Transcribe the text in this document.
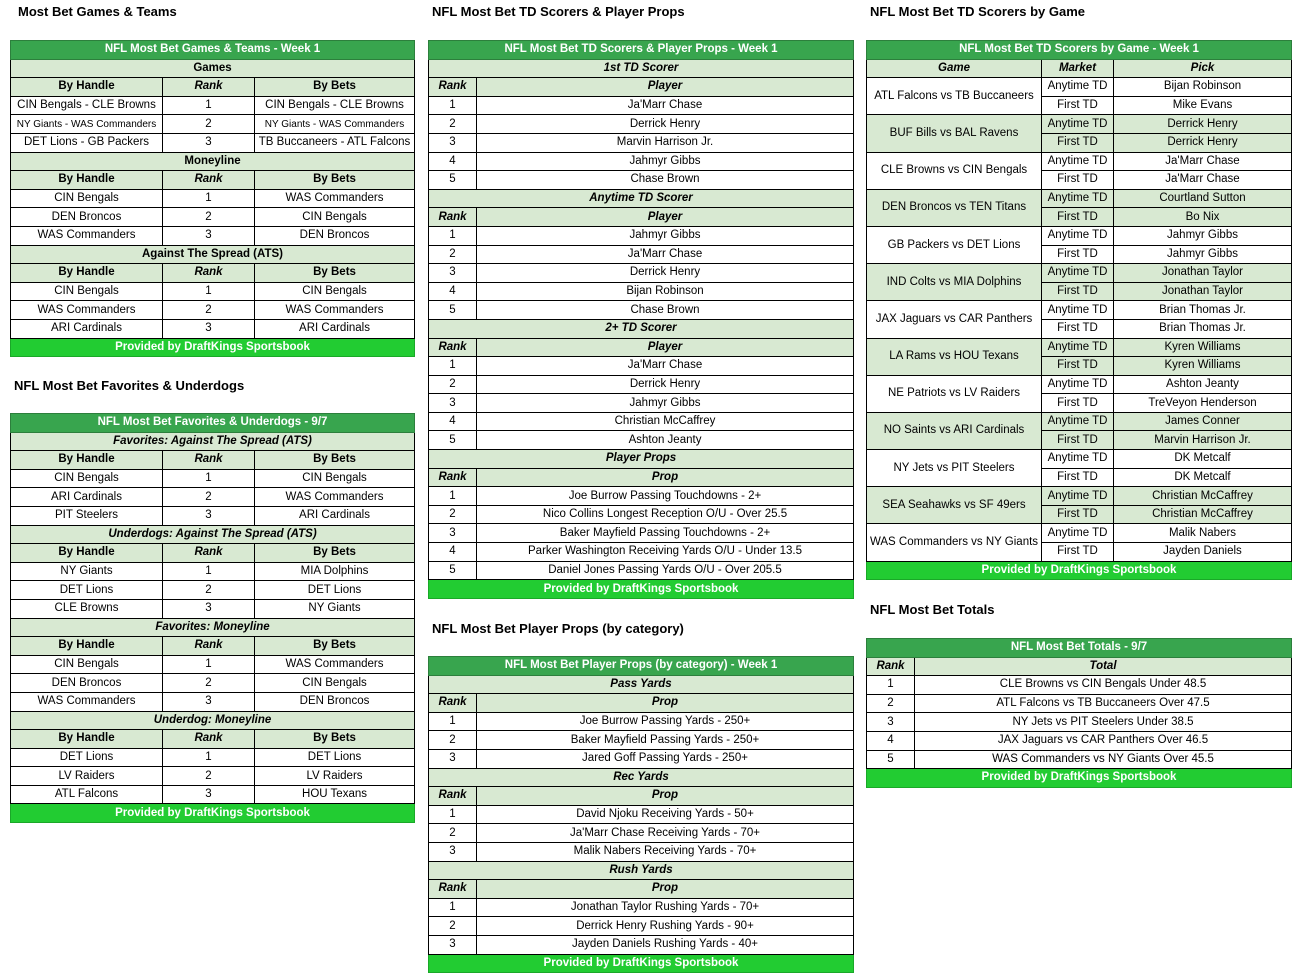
Most Bet Games & Teams
NFL Most Bet Favorites & Underdogs
NFL Most Bet TD Scorers & Player Props
NFL Most Bet Player Props (by category)
NFL Most Bet TD Scorers by Game
NFL Most Bet Totals
NFL Most Bet Games & Teams - Week 1		
Games		
By Handle	Rank	By Bets
CIN Bengals - CLE Browns	1	CIN Bengals - CLE Browns
NY Giants - WAS Commanders	2	NY Giants - WAS Commanders
DET Lions - GB Packers	3	TB Buccaneers - ATL Falcons
Moneyline		
By Handle	Rank	By Bets
CIN Bengals	1	WAS Commanders
DEN Broncos	2	CIN Bengals
WAS Commanders	3	DEN Broncos
Against The Spread (ATS)		
By Handle	Rank	By Bets
CIN Bengals	1	CIN Bengals
WAS Commanders	2	WAS Commanders
ARI Cardinals	3	ARI Cardinals
Provided by DraftKings Sportsbook		
NFL Most Bet Favorites & Underdogs - 9/7		
Favorites: Against The Spread (ATS)		
By Handle	Rank	By Bets
CIN Bengals	1	CIN Bengals
ARI Cardinals	2	WAS Commanders
PIT Steelers	3	ARI Cardinals
Underdogs: Against The Spread (ATS)		
By Handle	Rank	By Bets
NY Giants	1	MIA Dolphins
DET Lions	2	DET Lions
CLE Browns	3	NY Giants
Favorites: Moneyline		
By Handle	Rank	By Bets
CIN Bengals	1	WAS Commanders
DEN Broncos	2	CIN Bengals
WAS Commanders	3	DEN Broncos
Underdog: Moneyline		
By Handle	Rank	By Bets
DET Lions	1	DET Lions
LV Raiders	2	LV Raiders
ATL Falcons	3	HOU Texans
Provided by DraftKings Sportsbook		
NFL Most Bet TD Scorers & Player Props - Week 1	
1st TD Scorer	
Rank	Player
1	Ja'Marr Chase
2	Derrick Henry
3	Marvin Harrison Jr.
4	Jahmyr Gibbs
5	Chase Brown
Anytime TD Scorer	
Rank	Player
1	Jahmyr Gibbs
2	Ja'Marr Chase
3	Derrick Henry
4	Bijan Robinson
5	Chase Brown
2+ TD Scorer	
Rank	Player
1	Ja'Marr Chase
2	Derrick Henry
3	Jahmyr Gibbs
4	Christian McCaffrey
5	Ashton Jeanty
Player Props	
Rank	Prop
1	Joe Burrow Passing Touchdowns - 2+
2	Nico Collins Longest Reception O/U - Over 25.5
3	Baker Mayfield Passing Touchdowns - 2+
4	Parker Washington Receiving Yards O/U - Under 13.5
5	Daniel Jones Passing Yards O/U - Over 205.5
Provided by DraftKings Sportsbook	
NFL Most Bet Player Props (by category) - Week 1	
Pass Yards	
Rank	Prop
1	Joe Burrow Passing Yards - 250+
2	Baker Mayfield Passing Yards - 250+
3	Jared Goff Passing Yards - 250+
Rec Yards	
Rank	Prop
1	David Njoku Receiving Yards - 50+
2	Ja'Marr Chase Receiving Yards - 70+
3	Malik Nabers Receiving Yards - 70+
Rush Yards	
Rank	Prop
1	Jonathan Taylor Rushing Yards - 70+
2	Derrick Henry Rushing Yards - 90+
3	Jayden Daniels Rushing Yards - 40+
Provided by DraftKings Sportsbook	
NFL Most Bet TD Scorers by Game - Week 1		
Game	Market	Pick
ATL Falcons vs TB Buccaneers	Anytime TD	Bijan Robinson
	First TD	Mike Evans
BUF Bills vs BAL Ravens	Anytime TD	Derrick Henry
	First TD	Derrick Henry
CLE Browns vs CIN Bengals	Anytime TD	Ja'Marr Chase
	First TD	Ja'Marr Chase
DEN Broncos vs TEN Titans	Anytime TD	Courtland Sutton
	First TD	Bo Nix
GB Packers vs DET Lions	Anytime TD	Jahmyr Gibbs
	First TD	Jahmyr Gibbs
IND Colts vs MIA Dolphins	Anytime TD	Jonathan Taylor
	First TD	Jonathan Taylor
JAX Jaguars vs CAR Panthers	Anytime TD	Brian Thomas Jr.
	First TD	Brian Thomas Jr.
LA Rams vs HOU Texans	Anytime TD	Kyren Williams
	First TD	Kyren Williams
NE Patriots vs LV Raiders	Anytime TD	Ashton Jeanty
	First TD	TreVeyon Henderson
NO Saints vs ARI Cardinals	Anytime TD	James Conner
	First TD	Marvin Harrison Jr.
NY Jets vs PIT Steelers	Anytime TD	DK Metcalf
	First TD	DK Metcalf
SEA Seahawks vs SF 49ers	Anytime TD	Christian McCaffrey
	First TD	Christian McCaffrey
WAS Commanders vs NY Giants	Anytime TD	Malik Nabers
	First TD	Jayden Daniels
Provided by DraftKings Sportsbook		
NFL Most Bet Totals - 9/7	
Rank	Total
1	CLE Browns vs CIN Bengals Under 48.5
2	ATL Falcons vs TB Buccaneers Over 47.5
3	NY Jets vs PIT Steelers Under 38.5
4	JAX Jaguars vs CAR Panthers Over 46.5
5	WAS Commanders vs NY Giants Over 45.5
Provided by DraftKings Sportsbook	
